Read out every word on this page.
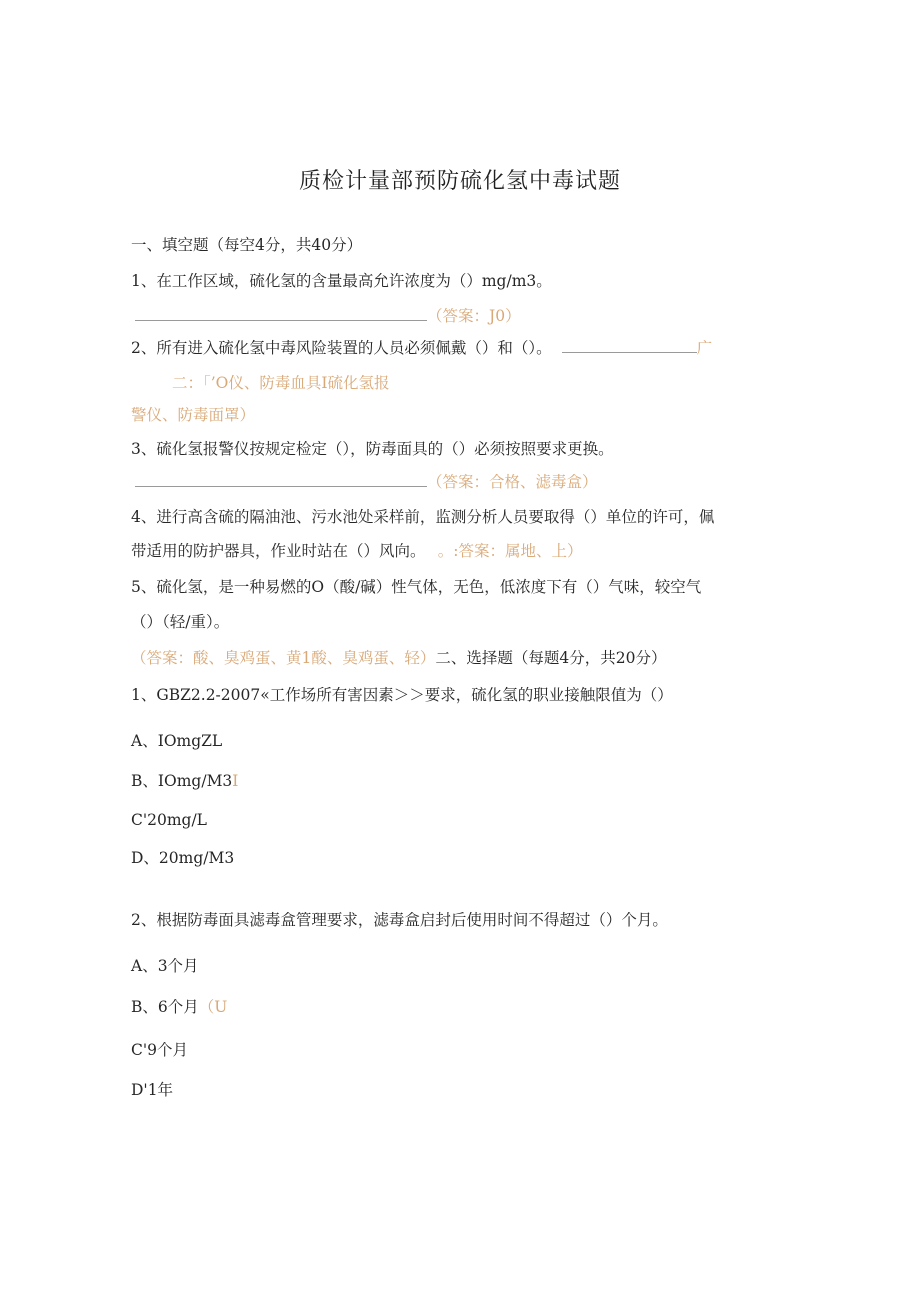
质检计量部预防硫化氢中毒试题
一、填空题（每空4分，共40分）
1、在工作区域，硫化氢的含量最高允许浓度为（）mg/m3。
（答案：J0）
2、所有进入硫化氢中毒风险装置的人员必须佩戴（）和（）。	广
二：「’O仪、防毒血具I硫化氢报
警仪、防毒面罩）
3、硫化氢报警仪按规定检定（），防毒面具的（）必须按照要求更换。
（答案：合格、滤毒盒）
4、进行高含硫的隔油池、污水池处采样前，监测分析人员要取得（）单位的许可，佩
带适用的防护器具，作业时站在（）风向。 。:答案：属地、上）
5、硫化氢，是一种易燃的O（酸/碱）性气体，无色，低浓度下有（）气味，较空气
（）（轻/重）。
（答案：酸、臭鸡蛋、黄1酸、臭鸡蛋、轻）二、选择题（每题4分，共20分）
1、GBZ2.2-2007«工作场所有害因素＞＞要求，硫化氢的职业接触限值为（）
A、IOmgZL
B、IOmg/M3I
C'20mg/L
D、20mg/M3
2、根据防毒面具滤毒盒管理要求，滤毒盒启封后使用时间不得超过（）个月。
A、3个月
B、6个月（U
C'9个月
D'1年
